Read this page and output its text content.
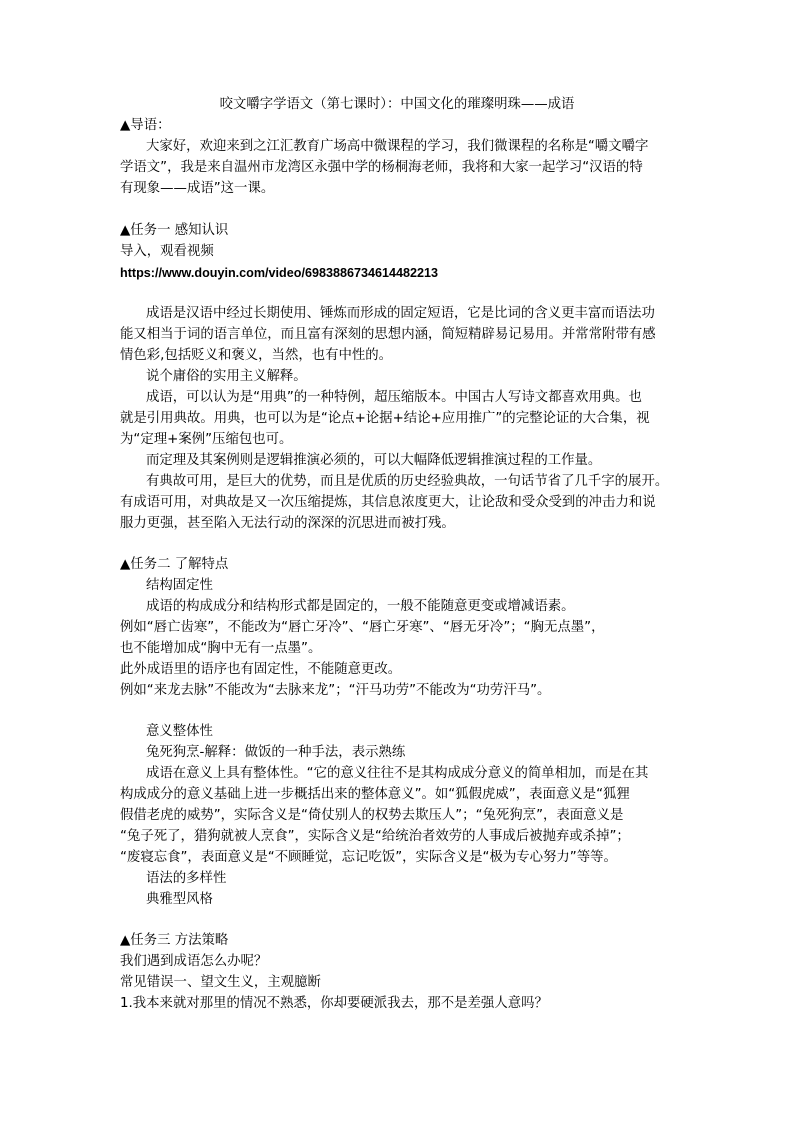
咬文嚼字学语文（第七课时）：中国文化的璀璨明珠——成语
▲导语：
大家好，欢迎来到之江汇教育广场高中微课程的学习，我们微课程的名称是“嚼文嚼字
学语文”，我是来自温州市龙湾区永强中学的杨桐海老师，我将和大家一起学习“汉语的特
有现象——成语”这一课。
▲任务一 感知认识
导入，观看视频
https://www.douyin.com/video/6983886734614482213
成语是汉语中经过长期使用、锤炼而形成的固定短语，它是比词的含义更丰富而语法功
能又相当于词的语言单位，而且富有深刻的思想内涵，简短精辟易记易用。并常常附带有感
情色彩,包括贬义和褒义，当然，也有中性的。
说个庸俗的实用主义解释。
成语，可以认为是“用典”的一种特例，超压缩版本。中国古人写诗文都喜欢用典。也
就是引用典故。用典，也可以为是“论点+论据+结论+应用推广”的完整论证的大合集，视
为“定理+案例”压缩包也可。
而定理及其案例则是逻辑推演必须的，可以大幅降低逻辑推演过程的工作量。
有典故可用，是巨大的优势，而且是优质的历史经验典故，一句话节省了几千字的展开。
有成语可用，对典故是又一次压缩提炼，其信息浓度更大，让论敌和受众受到的冲击力和说
服力更强，甚至陷入无法行动的深深的沉思进而被打残。
▲任务二 了解特点
结构固定性
成语的构成成分和结构形式都是固定的，一般不能随意更变或增减语素。
例如“唇亡齿寒”，不能改为“唇亡牙冷”、“唇亡牙寒”、“唇无牙冷”；“胸无点墨”，
也不能增加成“胸中无有一点墨”。
此外成语里的语序也有固定性，不能随意更改。
例如“来龙去脉”不能改为“去脉来龙”；“汗马功劳”不能改为“功劳汗马”。
意义整体性
兔死狗烹-解释：做饭的一种手法，表示熟练
成语在意义上具有整体性。“它的意义往往不是其构成成分意义的简单相加，而是在其
构成成分的意义基础上进一步概括出来的整体意义”。如“狐假虎威”，表面意义是“狐狸
假借老虎的威势”，实际含义是“倚仗别人的权势去欺压人”；“兔死狗烹”，表面意义是
“兔子死了，猎狗就被人烹食”，实际含义是“给统治者效劳的人事成后被抛弃或杀掉”；
“废寝忘食”，表面意义是“不顾睡觉，忘记吃饭”，实际含义是“极为专心努力”等等。
语法的多样性
典雅型风格
▲任务三 方法策略
我们遇到成语怎么办呢？
常见错误一、望文生义，主观臆断
1.我本来就对那里的情况不熟悉，你却要硬派我去，那不是差强人意吗？
